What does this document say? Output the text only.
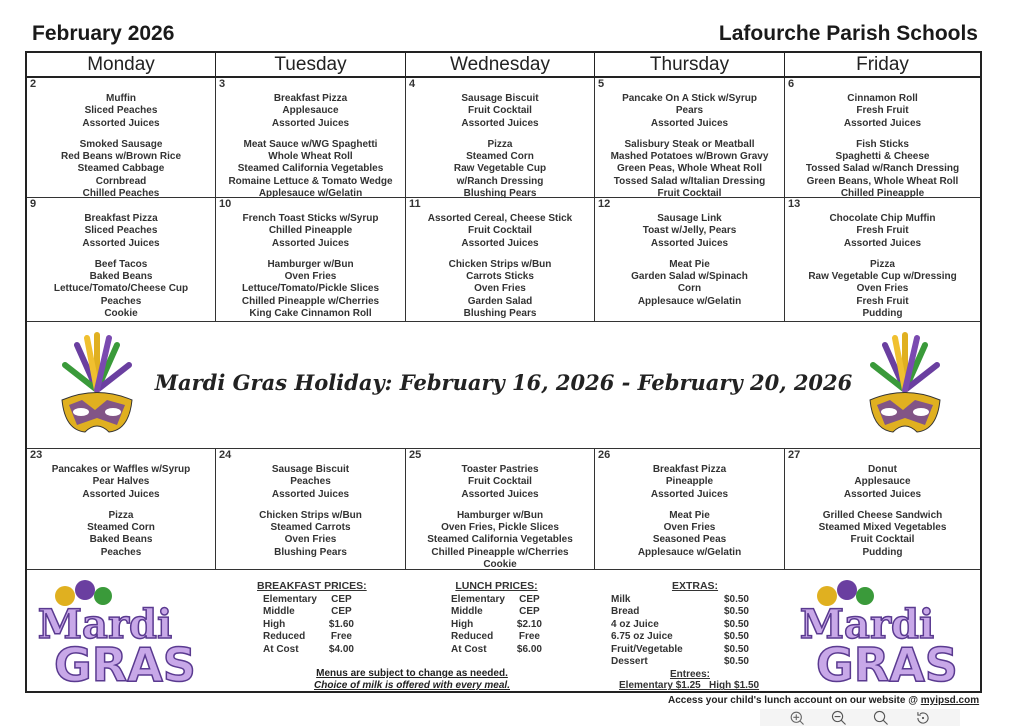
February 2026	Lafourche Parish Schools
Mardi Gras Holiday: February 16, 2026 - February 20, 2026
Mardi
GRAS
BREAKFAST PRICES:
Elementary	CEP
Middle	CEP
High	$1.60
Reduced	Free
At Cost	$4.00
LUNCH PRICES:
Elementary	CEP
Middle	CEP
High	$2.10
Reduced	Free
At Cost	$6.00
EXTRAS:
Milk	$0.50
Bread	$0.50
4 oz Juice	$0.50
6.75 oz Juice	$0.50
Fruit/Vegetable	$0.50
Dessert	$0.50
Entrees:
Elementary $1.25   High $1.50
Menus are subject to change as needed.
Choice of milk is offered with every meal.
Mardi
GRAS
Monday	Tuesday	Wednesday	Thursday	Friday
2
Muffin
Sliced Peaches
Assorted Juices
Smoked Sausage
Red Beans w/Brown Rice
Steamed Cabbage
Cornbread
Chilled Peaches
3
Breakfast Pizza
Applesauce
Assorted Juices
Meat Sauce w/WG Spaghetti
Whole Wheat Roll
Steamed California Vegetables
Romaine Lettuce & Tomato Wedge
Applesauce w/Gelatin
4
Sausage Biscuit
Fruit Cocktail
Assorted Juices
Pizza
Steamed Corn
Raw Vegetable Cup
w/Ranch Dressing
Blushing Pears
5
Pancake On A Stick w/Syrup
Pears
Assorted Juices
Salisbury Steak or Meatball
Mashed Potatoes w/Brown Gravy
Green Peas, Whole Wheat Roll
Tossed Salad w/Italian Dressing
Fruit Cocktail
6
Cinnamon Roll
Fresh Fruit
Assorted Juices
Fish Sticks
Spaghetti & Cheese
Tossed Salad w/Ranch Dressing
Green Beans, Whole Wheat Roll
Chilled Pineapple
9
Breakfast Pizza
Sliced Peaches
Assorted Juices
Beef Tacos
Baked Beans
Lettuce/Tomato/Cheese Cup
Peaches
Cookie
10
French Toast Sticks w/Syrup
Chilled Pineapple
Assorted Juices
Hamburger w/Bun
Oven Fries
Lettuce/Tomato/Pickle Slices
Chilled Pineapple w/Cherries
King Cake Cinnamon Roll
11
Assorted Cereal, Cheese Stick
Fruit Cocktail
Assorted Juices
Chicken Strips w/Bun
Carrots Sticks
Oven Fries
Garden Salad
Blushing Pears
12
Sausage Link
Toast w/Jelly, Pears
Assorted Juices
Meat Pie
Garden Salad w/Spinach
Corn
Applesauce w/Gelatin
13
Chocolate Chip Muffin
Fresh Fruit
Assorted Juices
Pizza
Raw Vegetable Cup w/Dressing
Oven Fries
Fresh Fruit
Pudding
23
Pancakes or Waffles w/Syrup
Pear Halves
Assorted Juices
Pizza
Steamed Corn
Baked Beans
Peaches
24
Sausage Biscuit
Peaches
Assorted Juices
Chicken Strips w/Bun
Steamed Carrots
Oven Fries
Blushing Pears
25
Toaster Pastries
Fruit Cocktail
Assorted Juices
Hamburger w/Bun
Oven Fries, Pickle Slices
Steamed California Vegetables
Chilled Pineapple w/Cherries
Cookie
26
Breakfast Pizza
Pineapple
Assorted Juices
Meat Pie
Oven Fries
Seasoned Peas
Applesauce w/Gelatin
27
Donut
Applesauce
Assorted Juices
Grilled Cheese Sandwich
Steamed Mixed Vegetables
Fruit Cocktail
Pudding
Access your child's lunch account on our website @ myipsd.com
